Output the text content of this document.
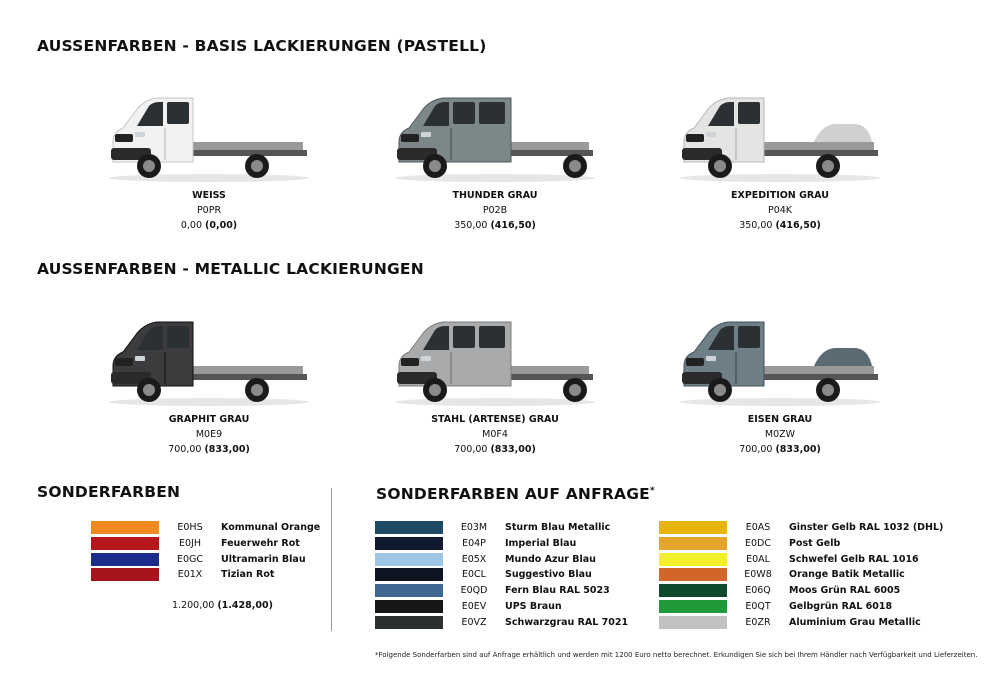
AUSSENFARBEN - BASIS LACKIERUNGEN (PASTELL)
AUSSENFARBEN - METALLIC LACKIERUNGEN
WEISS
P0PR
0,00 (0,00)
THUNDER GRAU
P02B
350,00 (416,50)
EXPEDITION GRAU
P04K
350,00 (416,50)
GRAPHIT GRAU
M0E9
700,00 (833,00)
STAHL (ARTENSE) GRAU
M0F4
700,00 (833,00)
EISEN GRAU
M0ZW
700,00 (833,00)
SONDERFARBEN
E0HS	Kommunal Orange
E0JH	Feuerwehr Rot
E0GC	Ultramarin Blau
E01X	Tizian Rot
1.200,00 (1.428,00)
SONDERFARBEN AUF ANFRAGE*
E03M	Sturm Blau Metallic
E04P	Imperial Blau
E05X	Mundo Azur Blau
E0CL	Suggestivo Blau
E0QD	Fern Blau RAL 5023
E0EV	UPS Braun
E0VZ	Schwarzgrau RAL 7021
E0AS	Ginster Gelb RAL 1032 (DHL)
E0DC	Post Gelb
E0AL	Schwefel Gelb RAL 1016
E0W8	Orange Batik Metallic
E06Q	Moos Grün RAL 6005
E0QT	Gelbgrün RAL 6018
E0ZR	Aluminium Grau Metallic
*Folgende Sonderfarben sind auf Anfrage erhältlich und werden mit 1200 Euro netto berechnet. Erkundigen Sie sich bei Ihrem Händler nach Verfügbarkeit und Lieferzeiten.
